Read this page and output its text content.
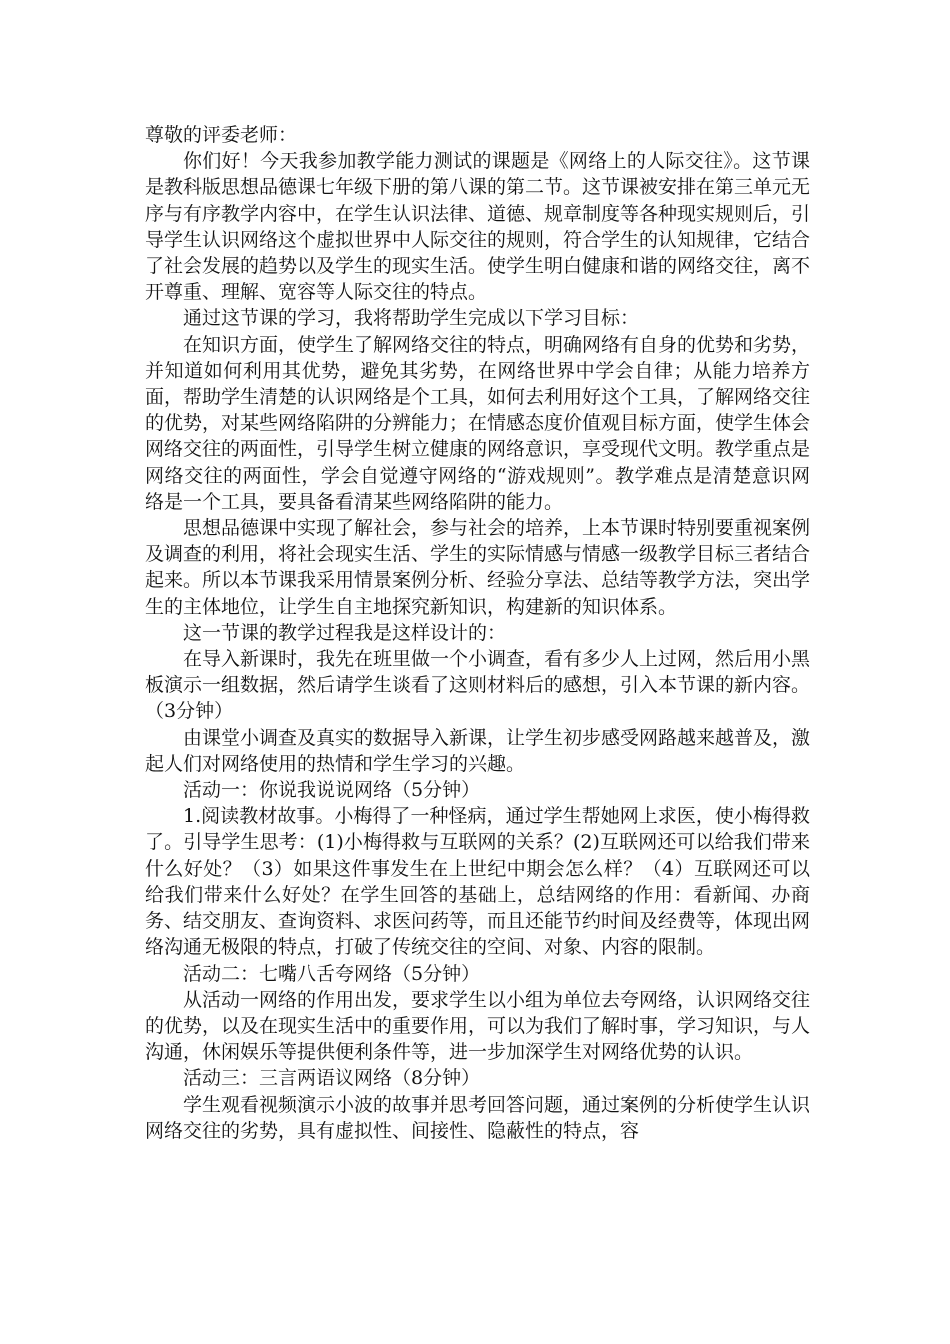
尊敬的评委老师：

你们好！今天我参加教学能力测试的课题是《网络上的人际交往》。这节课是教科版思想品德课七年级下册的第八课的第二节。这节课被安排在第三单元无序与有序教学内容中，在学生认识法律、道德、规章制度等各种现实规则后，引导学生认识网络这个虚拟世界中人际交往的规则，符合学生的认知规律，它结合了社会发展的趋势以及学生的现实生活。使学生明白健康和谐的网络交往，离不开尊重、理解、宽容等人际交往的特点。

通过这节课的学习，我将帮助学生完成以下学习目标：

在知识方面，使学生了解网络交往的特点，明确网络有自身的优势和劣势，并知道如何利用其优势，避免其劣势，在网络世界中学会自律；从能力培养方面，帮助学生清楚的认识网络是个工具，如何去利用好这个工具，了解网络交往的优势，对某些网络陷阱的分辨能力；在情感态度价值观目标方面，使学生体会网络交往的两面性，引导学生树立健康的网络意识，享受现代文明。教学重点是网络交往的两面性，学会自觉遵守网络的“游戏规则”。教学难点是清楚意识网络是一个工具，要具备看清某些网络陷阱的能力。

思想品德课中实现了解社会，参与社会的培养，上本节课时特别要重视案例及调查的利用，将社会现实生活、学生的实际情感与情感一级教学目标三者结合起来。所以本节课我采用情景案例分析、经验分享法、总结等教学方法，突出学生的主体地位，让学生自主地探究新知识，构建新的知识体系。

这一节课的教学过程我是这样设计的：

在导入新课时，我先在班里做一个小调查，看有多少人上过网，然后用小黑板演示一组数据，然后请学生谈看了这则材料后的感想，引入本节课的新内容。（3分钟）

由课堂小调查及真实的数据导入新课，让学生初步感受网路越来越普及，激起人们对网络使用的热情和学生学习的兴趣。

活动一：你说我说说网络（5分钟）

1.阅读教材故事。小梅得了一种怪病，通过学生帮她网上求医，使小梅得救了。引导学生思考：(1)小梅得救与互联网的关系？(2)互联网还可以给我们带来什么好处？（3）如果这件事发生在上世纪中期会怎么样？（4）互联网还可以给我们带来什么好处？在学生回答的基础上，总结网络的作用：看新闻、办商务、结交朋友、查询资料、求医问药等，而且还能节约时间及经费等，体现出网络沟通无极限的特点，打破了传统交往的空间、对象、内容的限制。

活动二：七嘴八舌夸网络（5分钟）

从活动一网络的作用出发，要求学生以小组为单位去夸网络，认识网络交往的优势，以及在现实生活中的重要作用，可以为我们了解时事，学习知识，与人沟通，休闲娱乐等提供便利条件等，进一步加深学生对网络优势的认识。

活动三：三言两语议网络（8分钟）

学生观看视频演示小波的故事并思考回答问题，通过案例的分析使学生认识网络交往的劣势，具有虚拟性、间接性、隐蔽性的特点，容
